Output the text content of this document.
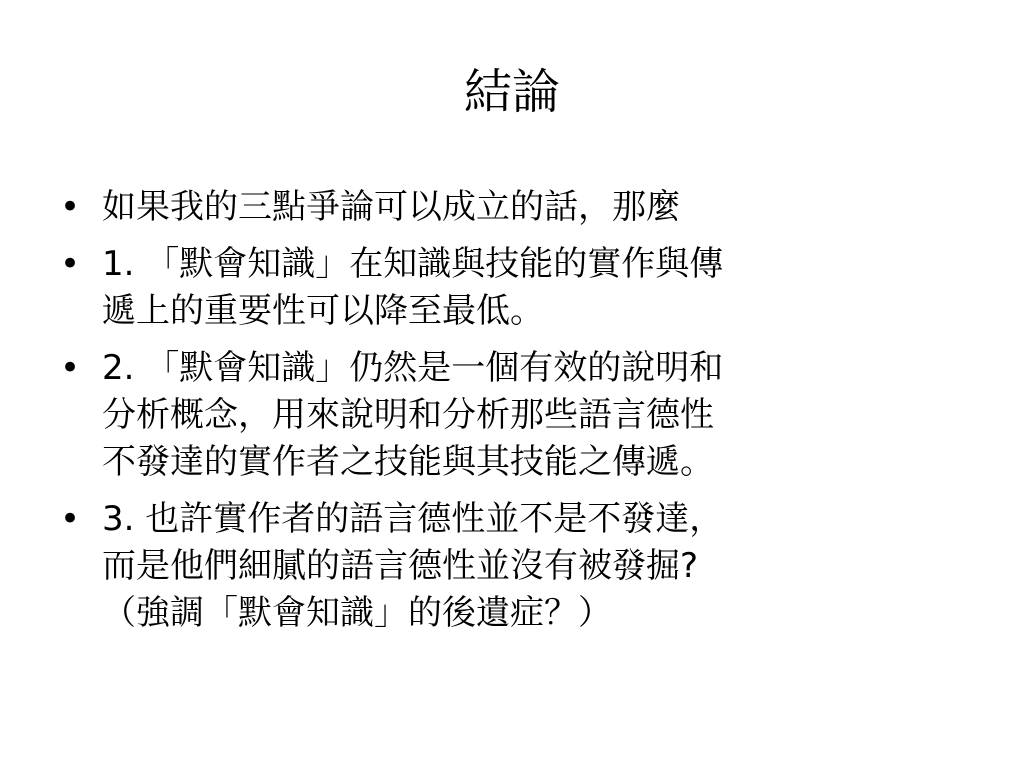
結論
• 如果我的三點爭論可以成立的話，那麼
• 1. 「默會知識」在知識與技能的實作與傳
遞上的重要性可以降至最低。
• 2. 「默會知識」仍然是一個有效的說明和
分析概念，用來說明和分析那些語言德性
不發達的實作者之技能與其技能之傳遞。
• 3. 也許實作者的語言德性並不是不發達，
而是他們細膩的語言德性並沒有被發掘?
（強調「默會知識」的後遺症？）
